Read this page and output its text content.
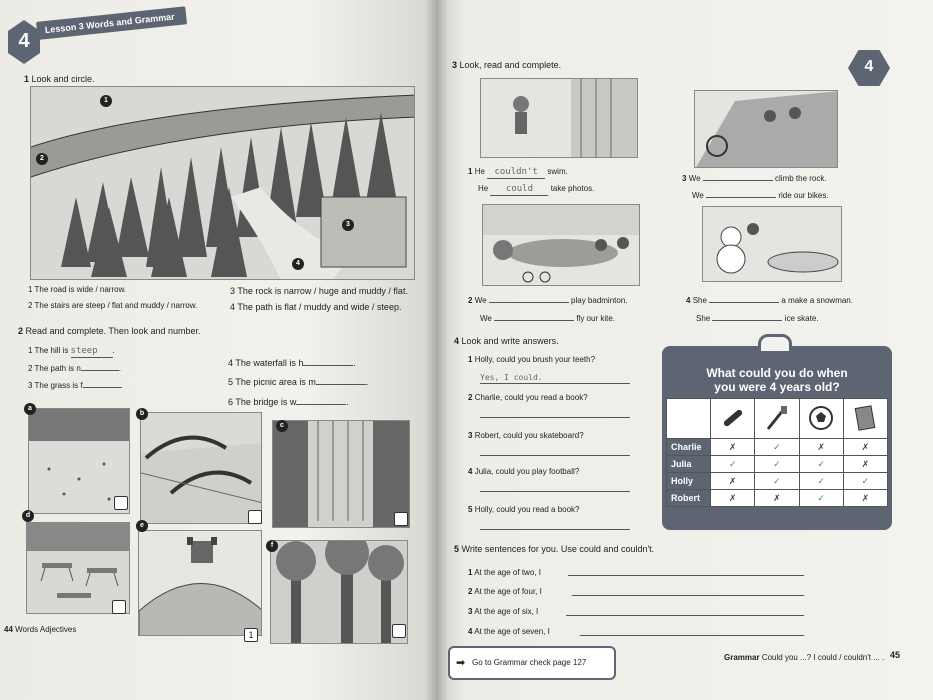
4
Lesson 3 Words and Grammar
1 Look and circle.
1
2
3
4
1 The road is wide / narrow.
2 The stairs are steep / flat and muddy / narrow.
3 The rock is narrow / huge and muddy / flat.
4 The path is flat / muddy and wide / steep.
2 Read and complete. Then look and number.
1 The hill is steep .
2 The path is n	.
3 The grass is f	.
4 The waterfall is h	.
5 The picnic area is m	.
6 The bridge is w	.
a
b
c
d
e
1
f
44 Words Adjectives
4
3 Look, read and complete.
1 He couldn't swim.
He could take photos.
3 We	climb the rock.
We	ride our bikes.
2 We	play badminton.
We	fly our kite.
4 She	a make a snowman.
She	ice skate.
4 Look and write answers.
1 Holly, could you brush your teeth?
Yes, I could.
2 Charlie, could you read a book?
3 Robert, could you skateboard?
4 Julia, could you play football?
5 Holly, could you read a book?
What could you do when
you were 4 years old?

Charlie	✗	✓	✗	✗
Julia	✓	✓	✓	✗
Holly	✗	✓	✓	✓
Robert	✗	✗	✓	✗
5 Write sentences for you. Use could and couldn't.
1 At the age of two, I
2 At the age of four, I
3 At the age of six, I
4 At the age of seven, I
➡ Go to Grammar check page 127
Grammar Could you ...? I could / couldn't ... . 45
